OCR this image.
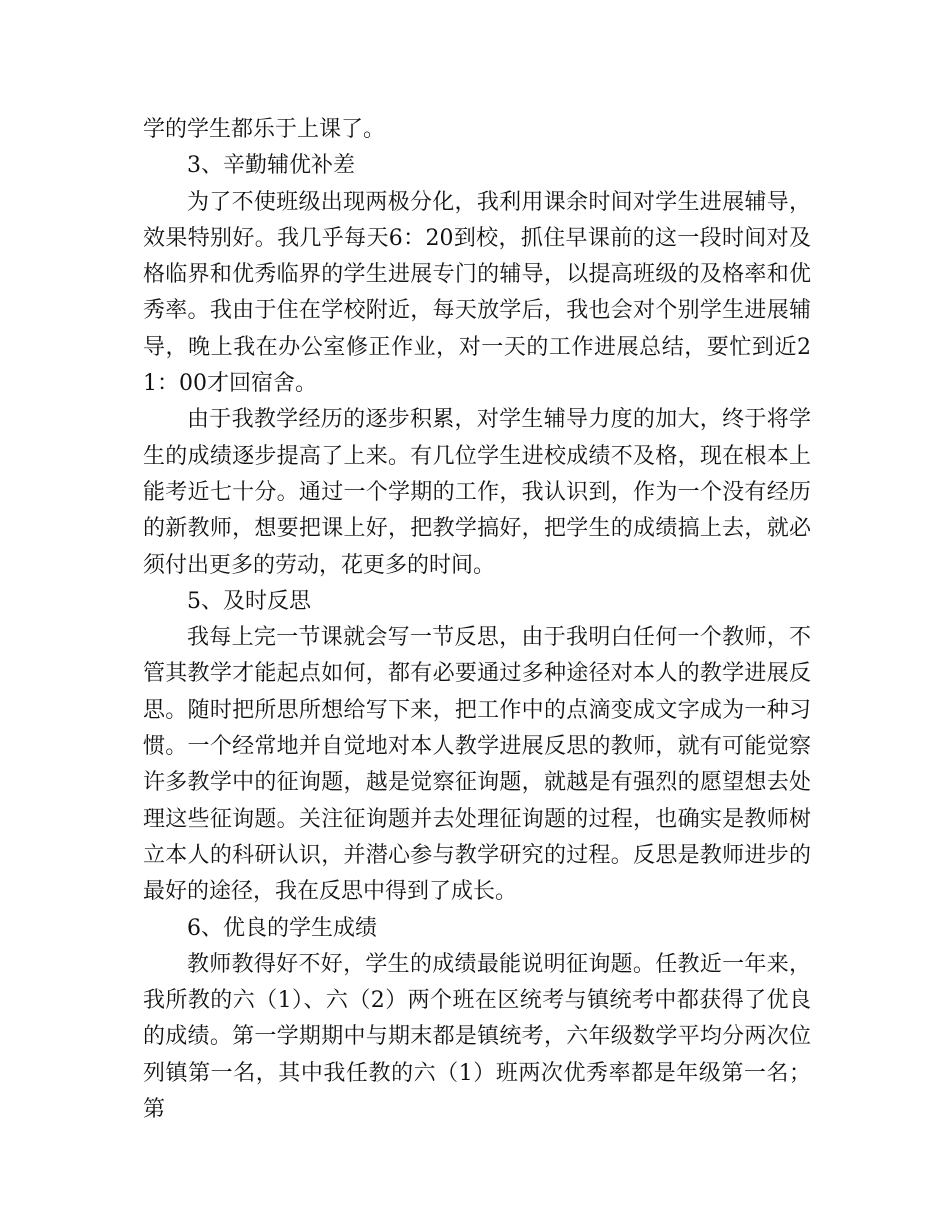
学的学生都乐于上课了。

3、辛勤辅优补差

为了不使班级出现两极分化，我利用课余时间对学生进展辅导，效果特别好。我几乎每天6：20到校，抓住早课前的这一段时间对及格临界和优秀临界的学生进展专门的辅导，以提高班级的及格率和优秀率。我由于住在学校附近，每天放学后，我也会对个别学生进展辅导，晚上我在办公室修正作业，对一天的工作进展总结，要忙到近21：00才回宿舍。

由于我教学经历的逐步积累，对学生辅导力度的加大，终于将学生的成绩逐步提高了上来。有几位学生进校成绩不及格，现在根本上能考近七十分。通过一个学期的工作，我认识到，作为一个没有经历的新教师，想要把课上好，把教学搞好，把学生的成绩搞上去，就必须付出更多的劳动，花更多的时间。

5、及时反思

我每上完一节课就会写一节反思，由于我明白任何一个教师，不管其教学才能起点如何，都有必要通过多种途径对本人的教学进展反思。随时把所思所想给写下来，把工作中的点滴变成文字成为一种习惯。一个经常地并自觉地对本人教学进展反思的教师，就有可能觉察许多教学中的征询题，越是觉察征询题，就越是有强烈的愿望想去处理这些征询题。关注征询题并去处理征询题的过程，也确实是教师树立本人的科研认识，并潜心参与教学研究的过程。反思是教师进步的最好的途径，我在反思中得到了成长。

6、优良的学生成绩

教师教得好不好，学生的成绩最能说明征询题。任教近一年来，我所教的六（1）、六（2）两个班在区统考与镇统考中都获得了优良的成绩。第一学期期中与期末都是镇统考，六年级数学平均分两次位列镇第一名，其中我任教的六（1）班两次优秀率都是年级第一名；第
